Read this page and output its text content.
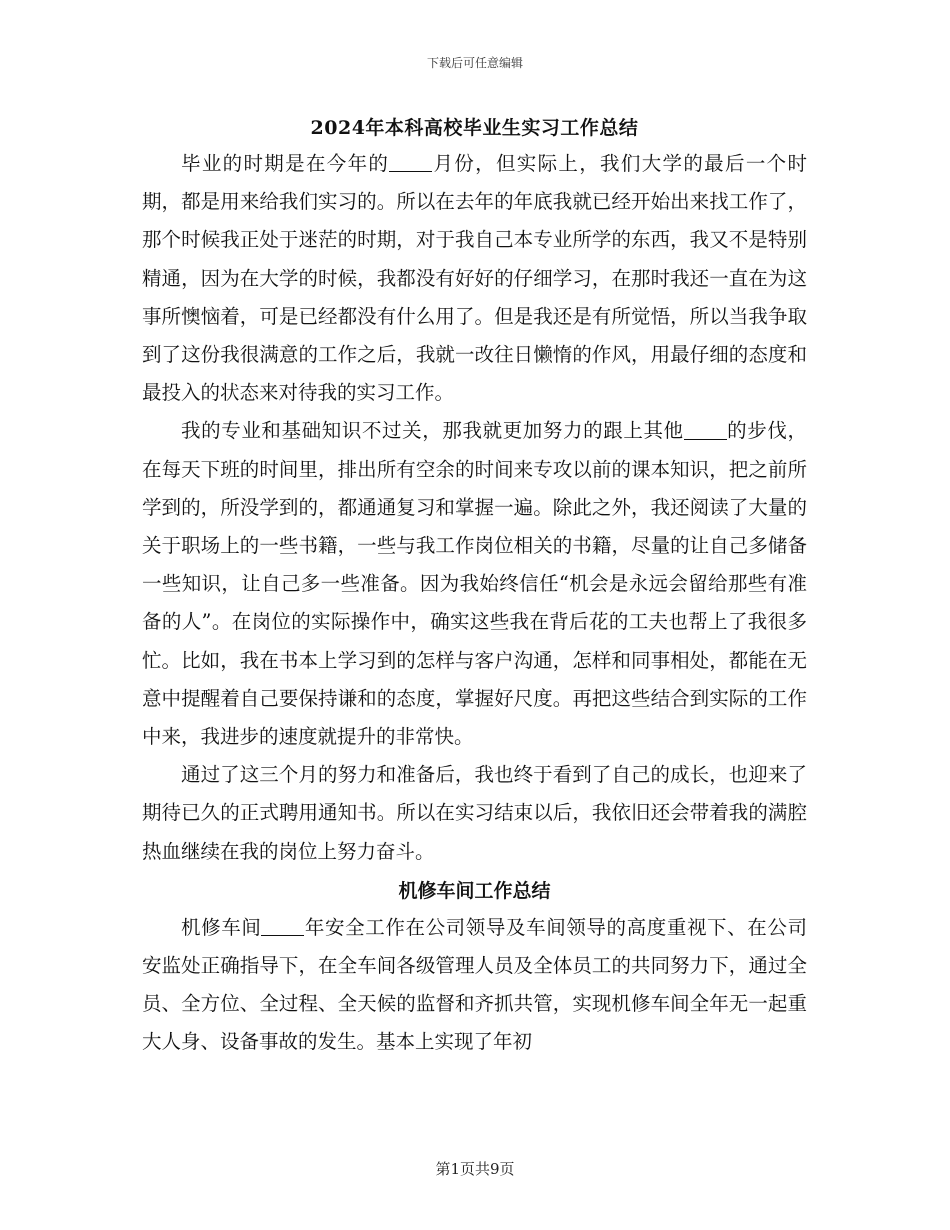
下载后可任意编辑
2024年本科高校毕业生实习工作总结

毕业的时期是在今年的 月份，但实际上，我们大学的最后一个时期，都是用来给我们实习的。所以在去年的年底我就已经开始出来找工作了，那个时候我正处于迷茫的时期，对于我自己本专业所学的东西，我又不是特别精通，因为在大学的时候，我都没有好好的仔细学习，在那时我还一直在为这事所懊恼着，可是已经都没有什么用了。但是我还是有所觉悟，所以当我争取到了这份我很满意的工作之后，我就一改往日懒惰的作风，用最仔细的态度和最投入的状态来对待我的实习工作。

我的专业和基础知识不过关，那我就更加努力的跟上其他 的步伐，在每天下班的时间里，排出所有空余的时间来专攻以前的课本知识，把之前所学到的，所没学到的，都通通复习和掌握一遍。除此之外，我还阅读了大量的关于职场上的一些书籍，一些与我工作岗位相关的书籍，尽量的让自己多储备一些知识，让自己多一些准备。因为我始终信任“机会是永远会留给那些有准备的人”。在岗位的实际操作中，确实这些我在背后花的工夫也帮上了我很多忙。比如，我在书本上学习到的怎样与客户沟通，怎样和同事相处，都能在无意中提醒着自己要保持谦和的态度，掌握好尺度。再把这些结合到实际的工作中来，我进步的速度就提升的非常快。

通过了这三个月的努力和准备后，我也终于看到了自己的成长，也迎来了期待已久的正式聘用通知书。所以在实习结束以后，我依旧还会带着我的满腔热血继续在我的岗位上努力奋斗。

机修车间工作总结

机修车间 年安全工作在公司领导及车间领导的高度重视下、在公司安监处正确指导下，在全车间各级管理人员及全体员工的共同努力下，通过全员、全方位、全过程、全天候的监督和齐抓共管，实现机修车间全年无一起重大人身、设备事故的发生。基本上实现了年初

第1页共9页
